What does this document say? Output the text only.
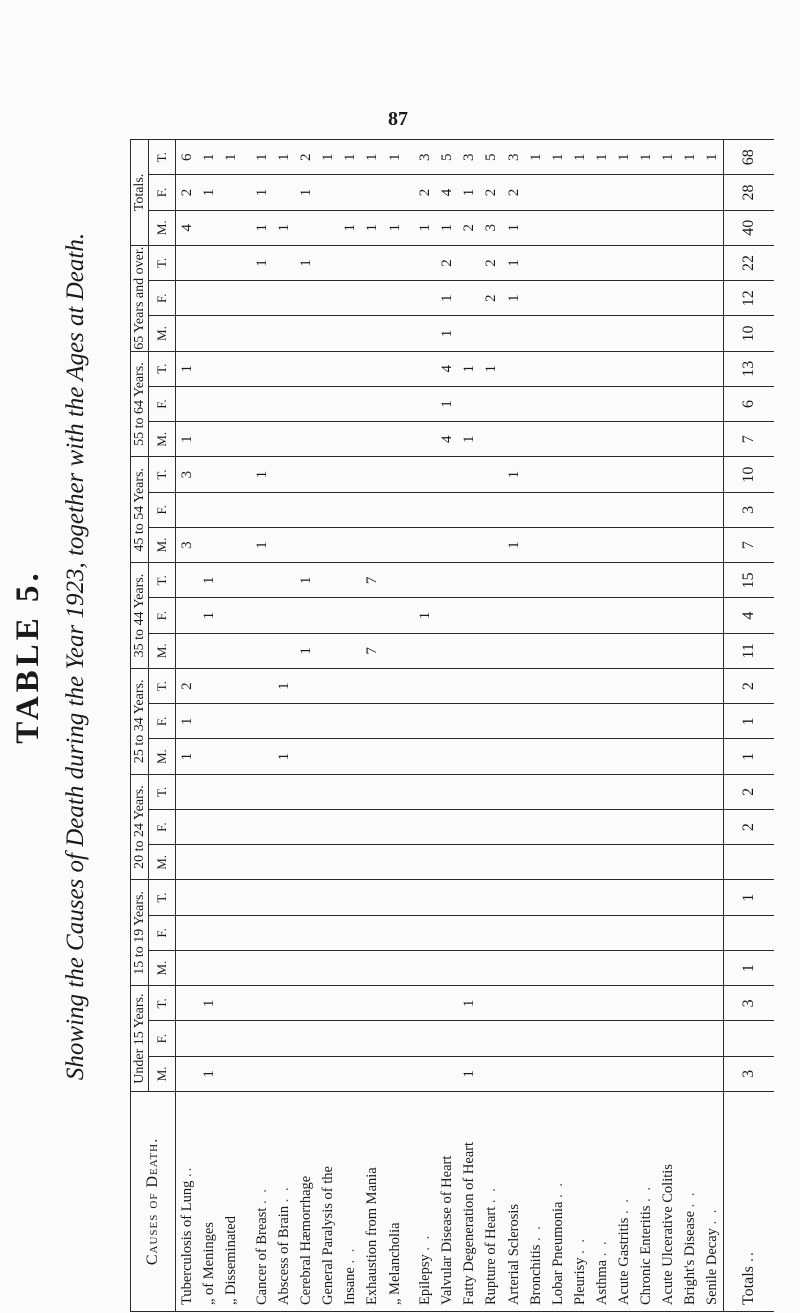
87
TABLE 5. Showing the Causes of Death during the Year 1923, together with the Ages at Death.
Causes of Death.	Under 15 Years.			15 to 19 Years.			20 to 24 Years.			25 to 34 Years.			35 to 44 Years.			45 to 54 Years.			55 to 64 Years.			65 Years and over.			Totals.		
	M.	F.	T.	M.	F.	T.	M.	F.	T.	M.	F.	T.	M.	F.	T.	M.	F.	T.	M.	F.	T.	M.	F.	T.	M.	F.	T.
Tuberculosis of Lung ..										1	1	2				3		3	1		1				4	2	6
„ of Meninges	1		1											1	1											1	1
„ Disseminated																											1

Cancer of Breast . .																1		1						1	1	1	1
Abscess of Brain . .										1		1													1		1
Cerebral Hæmorrhage													1		1									1		1	2
General Paralysis of the																											1
Insane . .																									1		1
Exhaustion from Mania													7		7										1		1
„ Melancholia																									1		1

Epilepsy . .														1											1	2	3
Valvular Disease of Heart																			4	1	4	1	1	2	1	4	5
Fatty Degeneration of Heart	1		1																1		1				2	1	3
Rupture of Heart . .																					1		2	2	3	2	5
Arterial Sclerosis																1		1					1	1	1	2	3
Bronchitis . .																											1
Lobar Pneumonia . .																											1
Pleurisy . .																											1
Asthma . .																											1
Acute Gastritis . .																											1
Chronic Enteritis . .																											1
Acute Ulcerative Colitis																											1
Bright's Disease . .																											1
Senile Decay . .																											1
Totals ..	3		3	1		1		2	2	1	1	2	11	4	15	7	3	10	7	6	13	10	12	22	40	28	68
